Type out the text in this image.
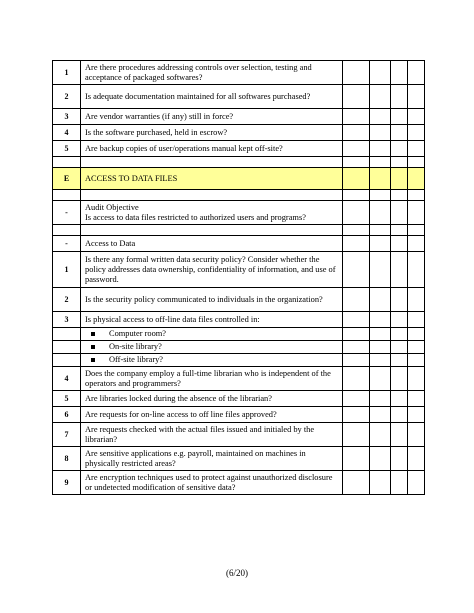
1	Are there procedures addressing controls over selection, testing and acceptance of packaged softwares?				
2	Is adequate documentation maintained for all softwares purchased?				
3	Are vendor warranties (if any) still in force?				
4	Is the software purchased, held in escrow?				
5	Are backup copies of user/operations manual kept off-site?				

E	ACCESS TO DATA FILES				

-	Audit Objective
Is access to data files restricted to authorized users and programs?				

-	Access to Data				
1	Is there any formal written data security policy? Consider whether the policy addresses data ownership, confidentiality of information, and use of password.				
2	Is the security policy communicated to individuals in the organization?				
3	Is physical access to off-line data files controlled in:				

	Computer room?				

	On-site library?				

	Off-site library?				

4	Does the company employ a full-time librarian who is independent of the operators and programmers?				
5	Are libraries locked during the absence of the librarian?				
6	Are requests for on-line access to off line files approved?				
7	Are requests checked with the actual files issued and initialed by the librarian?				
8	Are sensitive applications e.g. payroll, maintained on machines in physically restricted areas?				
9	Are encryption techniques used to protect against unauthorized disclosure or undetected modification of sensitive data?				
(6/20)
